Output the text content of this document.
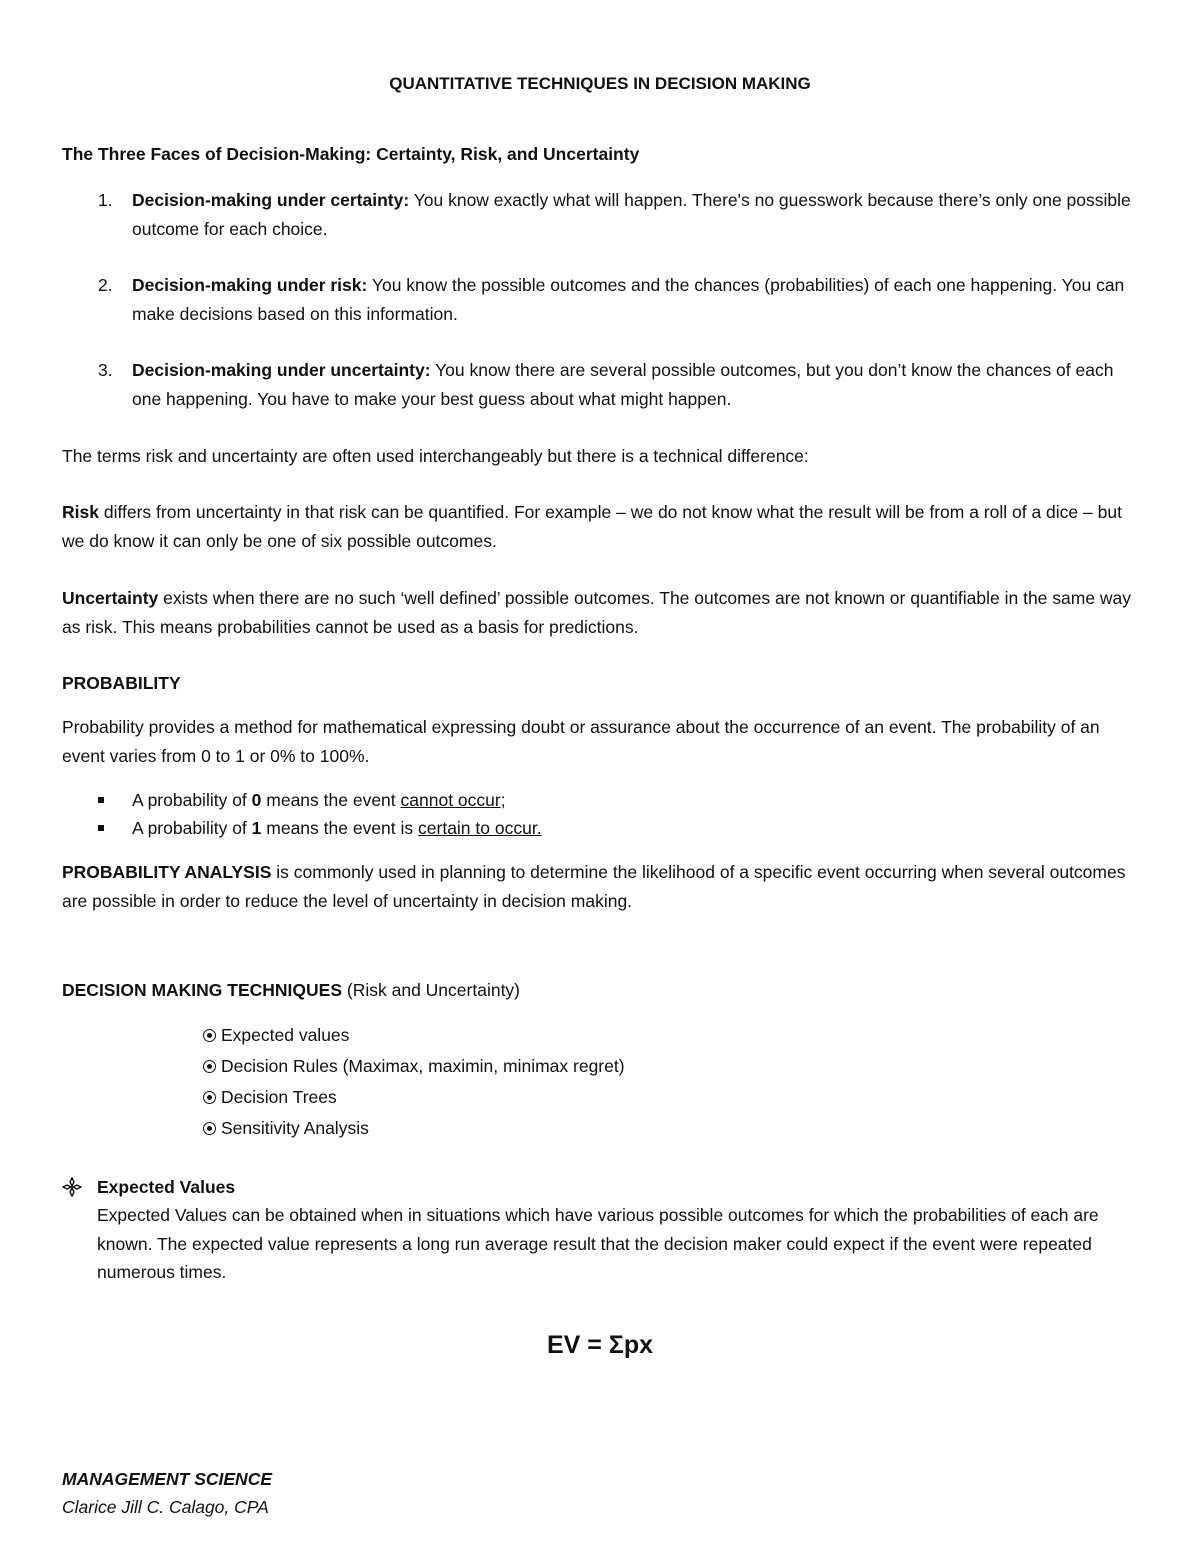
QUANTITATIVE TECHNIQUES IN DECISION MAKING
The Three Faces of Decision-Making: Certainty, Risk, and Uncertainty
1. Decision-making under certainty: You know exactly what will happen. There's no guesswork because there’s only one possible outcome for each choice.
2. Decision-making under risk: You know the possible outcomes and the chances (probabilities) of each one happening. You can make decisions based on this information.
3. Decision-making under uncertainty: You know there are several possible outcomes, but you don’t know the chances of each one happening. You have to make your best guess about what might happen.
The terms risk and uncertainty are often used interchangeably but there is a technical difference:
Risk differs from uncertainty in that risk can be quantified. For example – we do not know what the result will be from a roll of a dice – but we do know it can only be one of six possible outcomes.
Uncertainty exists when there are no such ‘well defined’ possible outcomes. The outcomes are not known or quantifiable in the same way as risk. This means probabilities cannot be used as a basis for predictions.
PROBABILITY
Probability provides a method for mathematical expressing doubt or assurance about the occurrence of an event. The probability of an event varies from 0 to 1 or 0% to 100%.
A probability of 0 means the event cannot occur;
A probability of 1 means the event is certain to occur.
PROBABILITY ANALYSIS is commonly used in planning to determine the likelihood of a specific event occurring when several outcomes are possible in order to reduce the level of uncertainty in decision making.
DECISION MAKING TECHNIQUES (Risk and Uncertainty)
Expected values
Decision Rules (Maximax, maximin, minimax regret)
Decision Trees
Sensitivity Analysis
Expected Values
Expected Values can be obtained when in situations which have various possible outcomes for which the probabilities of each are known. The expected value represents a long run average result that the decision maker could expect if the event were repeated numerous times.
EV = Σpx
MANAGEMENT SCIENCE
Clarice Jill C. Calago, CPA
